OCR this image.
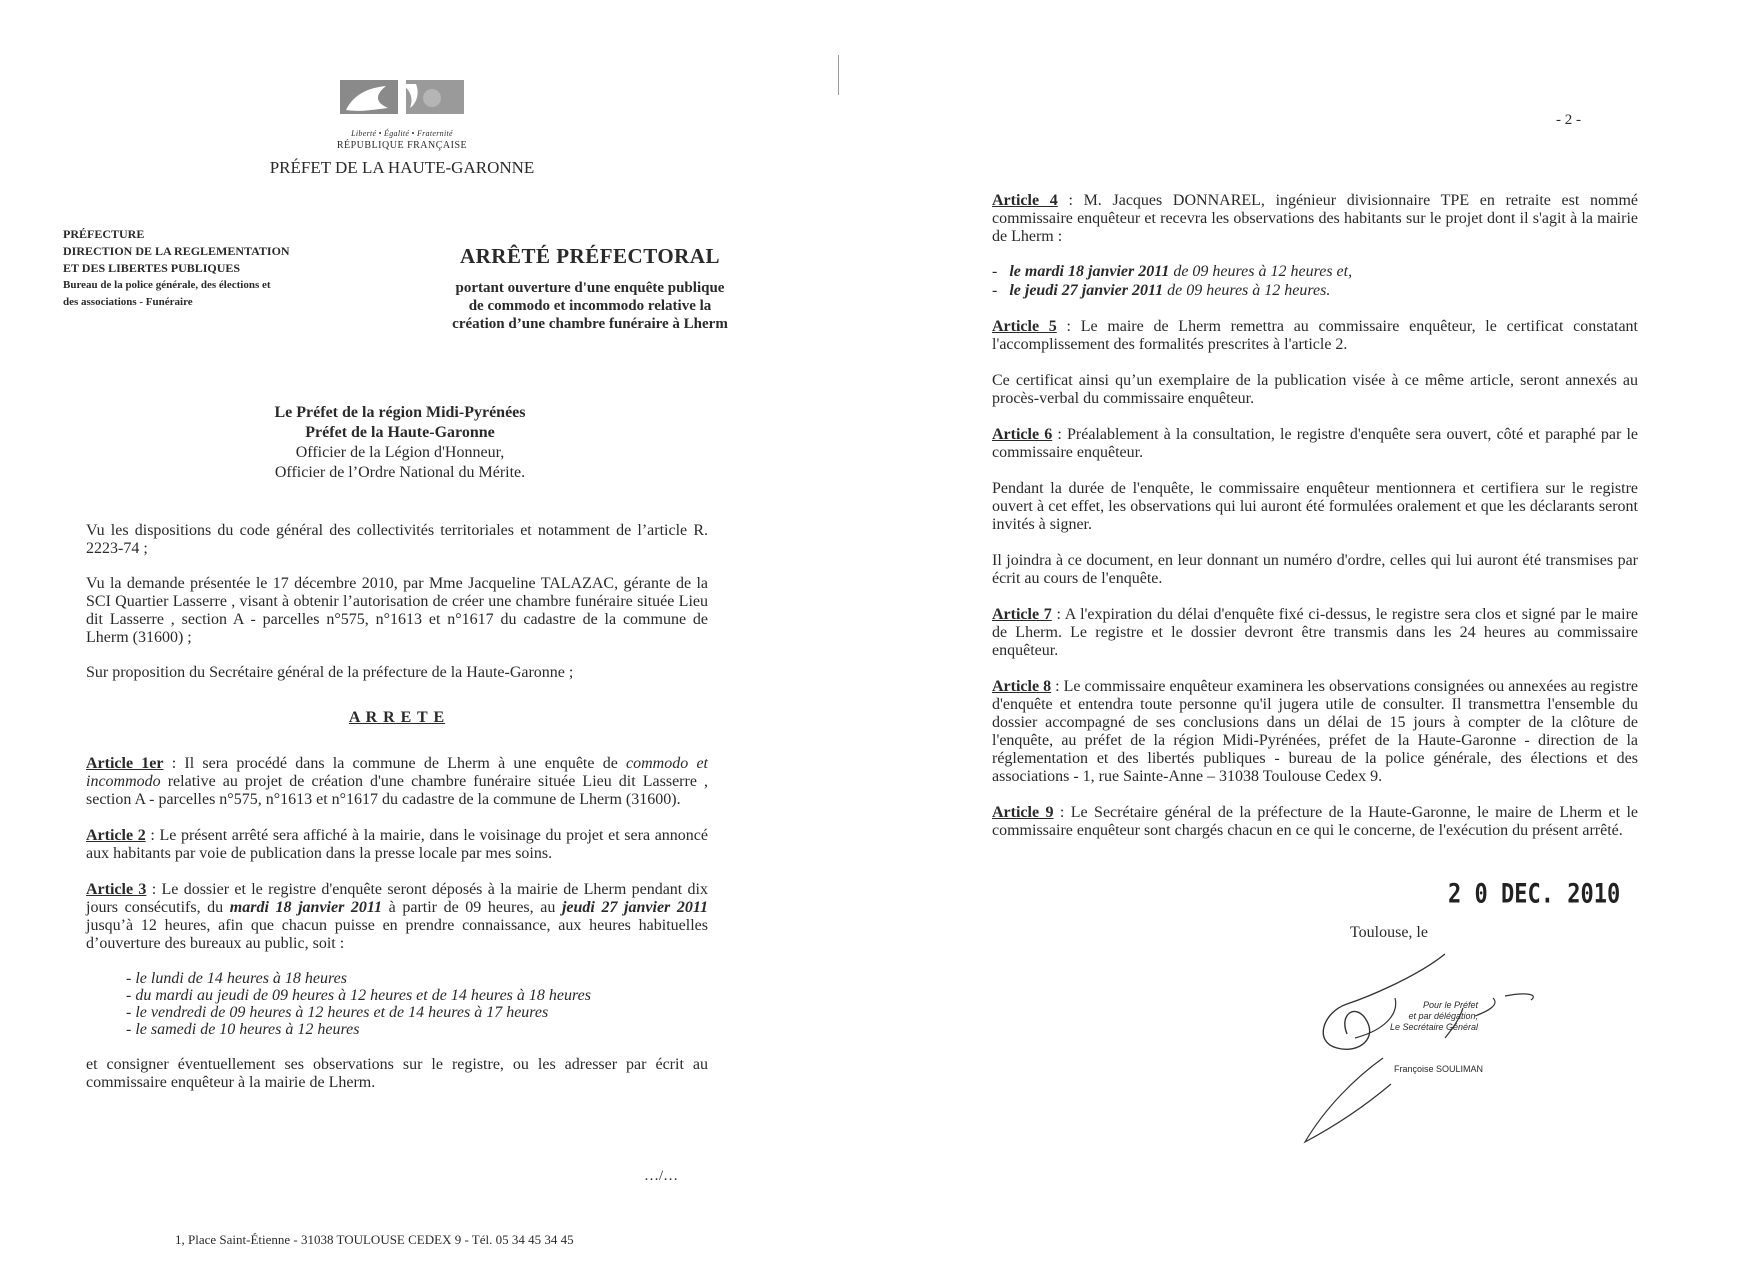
Liberté • Égalité • Fraternité
RÉPUBLIQUE FRANÇAISE
PRÉFET DE LA HAUTE-GARONNE
PRÉFECTURE
DIRECTION DE LA REGLEMENTATION
ET DES LIBERTES PUBLIQUES
Bureau de la police générale, des élections et
des associations - Funéraire
ARRÊTÉ PRÉFECTORAL
portant ouverture d'une enquête publique
de commodo et incommodo relative la
création d’une chambre funéraire à Lherm
Le Préfet de la région Midi-Pyrénées
Préfet de la Haute-Garonne
Officier de la Légion d'Honneur,
Officier de l’Ordre National du Mérite.

Vu les dispositions du code général des collectivités territoriales et notamment de l’article R. 2223-74 ;

Vu la demande présentée le 17 décembre 2010, par Mme Jacqueline TALAZAC, gérante de la SCI Quartier Lasserre , visant à obtenir l’autorisation de créer une chambre funéraire située Lieu dit Lasserre , section A - parcelles n°575, n°1613 et n°1617 du cadastre de la commune de Lherm (31600) ;

Sur proposition du Secrétaire général de la préfecture de la Haute-Garonne ;

A R R E T E

Article 1er : Il sera procédé dans la commune de Lherm à une enquête de commodo et incommodo relative au projet de création d'une chambre funéraire située Lieu dit Lasserre , section A - parcelles n°575, n°1613 et n°1617 du cadastre de la commune de Lherm (31600).

Article 2 : Le présent arrêté sera affiché à la mairie, dans le voisinage du projet et sera annoncé aux habitants par voie de publication dans la presse locale par mes soins.

Article 3 : Le dossier et le registre d'enquête seront déposés à la mairie de Lherm pendant dix jours consécutifs, du mardi 18 janvier 2011 à partir de 09 heures, au jeudi 27 janvier 2011 jusqu’à 12 heures, afin que chacun puisse en prendre connaissance, aux heures habituelles d’ouverture des bureaux au public, soit :

- le lundi de 14 heures à 18 heures
- du mardi au jeudi de 09 heures à 12 heures et de 14 heures à 18 heures
- le vendredi de 09 heures à 12 heures et de 14 heures à 17 heures
- le samedi de 10 heures à 12 heures

et consigner éventuellement ses observations sur le registre, ou les adresser par écrit au commissaire enquêteur à la mairie de Lherm.

…/…
1, Place Saint-Étienne - 31038 TOULOUSE CEDEX 9 - Tél. 05 34 45 34 45
- 2 -

Article 4 : M. Jacques DONNAREL, ingénieur divisionnaire TPE en retraite est nommé commissaire enquêteur et recevra les observations des habitants sur le projet dont il s'agit à la mairie de Lherm :

-   le mardi 18 janvier 2011 de 09 heures à 12 heures et,
-   le jeudi 27 janvier 2011 de 09 heures à 12 heures.

Article 5 : Le maire de Lherm remettra au commissaire enquêteur, le certificat constatant l'accomplissement des formalités prescrites à l'article 2.

Ce certificat ainsi qu’un exemplaire de la publication visée à ce même article, seront annexés au procès-verbal du commissaire enquêteur.

Article 6 : Préalablement à la consultation, le registre d'enquête sera ouvert, côté et paraphé par le commissaire enquêteur.

Pendant la durée de l'enquête, le commissaire enquêteur mentionnera et certifiera sur le registre ouvert à cet effet, les observations qui lui auront été formulées oralement et que les déclarants seront invités à signer.

Il joindra à ce document, en leur donnant un numéro d'ordre, celles qui lui auront été transmises par écrit au cours de l'enquête.

Article 7 : A l'expiration du délai d'enquête fixé ci-dessus, le registre sera clos et signé par le maire de Lherm. Le registre et le dossier devront être transmis dans les 24 heures au commissaire enquêteur.

Article 8 : Le commissaire enquêteur examinera les observations consignées ou annexées au registre d'enquête et entendra toute personne qu'il jugera utile de consulter. Il transmettra l'ensemble du dossier accompagné de ses conclusions dans un délai de 15 jours à compter de la clôture de l'enquête, au préfet de la région Midi-Pyrénées, préfet de la Haute-Garonne - direction de la réglementation et des libertés publiques - bureau de la police générale, des élections et des associations - 1, rue Sainte-Anne – 31038 Toulouse Cedex 9.

Article 9 : Le Secrétaire général de la préfecture de la Haute-Garonne, le maire de Lherm et le commissaire enquêteur sont chargés chacun en ce qui le concerne, de l'exécution du présent arrêté.

2 0 DEC. 2010
Toulouse, le
Pour le Préfet
et par délégation,
Le Secrétaire Général
Françoise SOULIMAN
